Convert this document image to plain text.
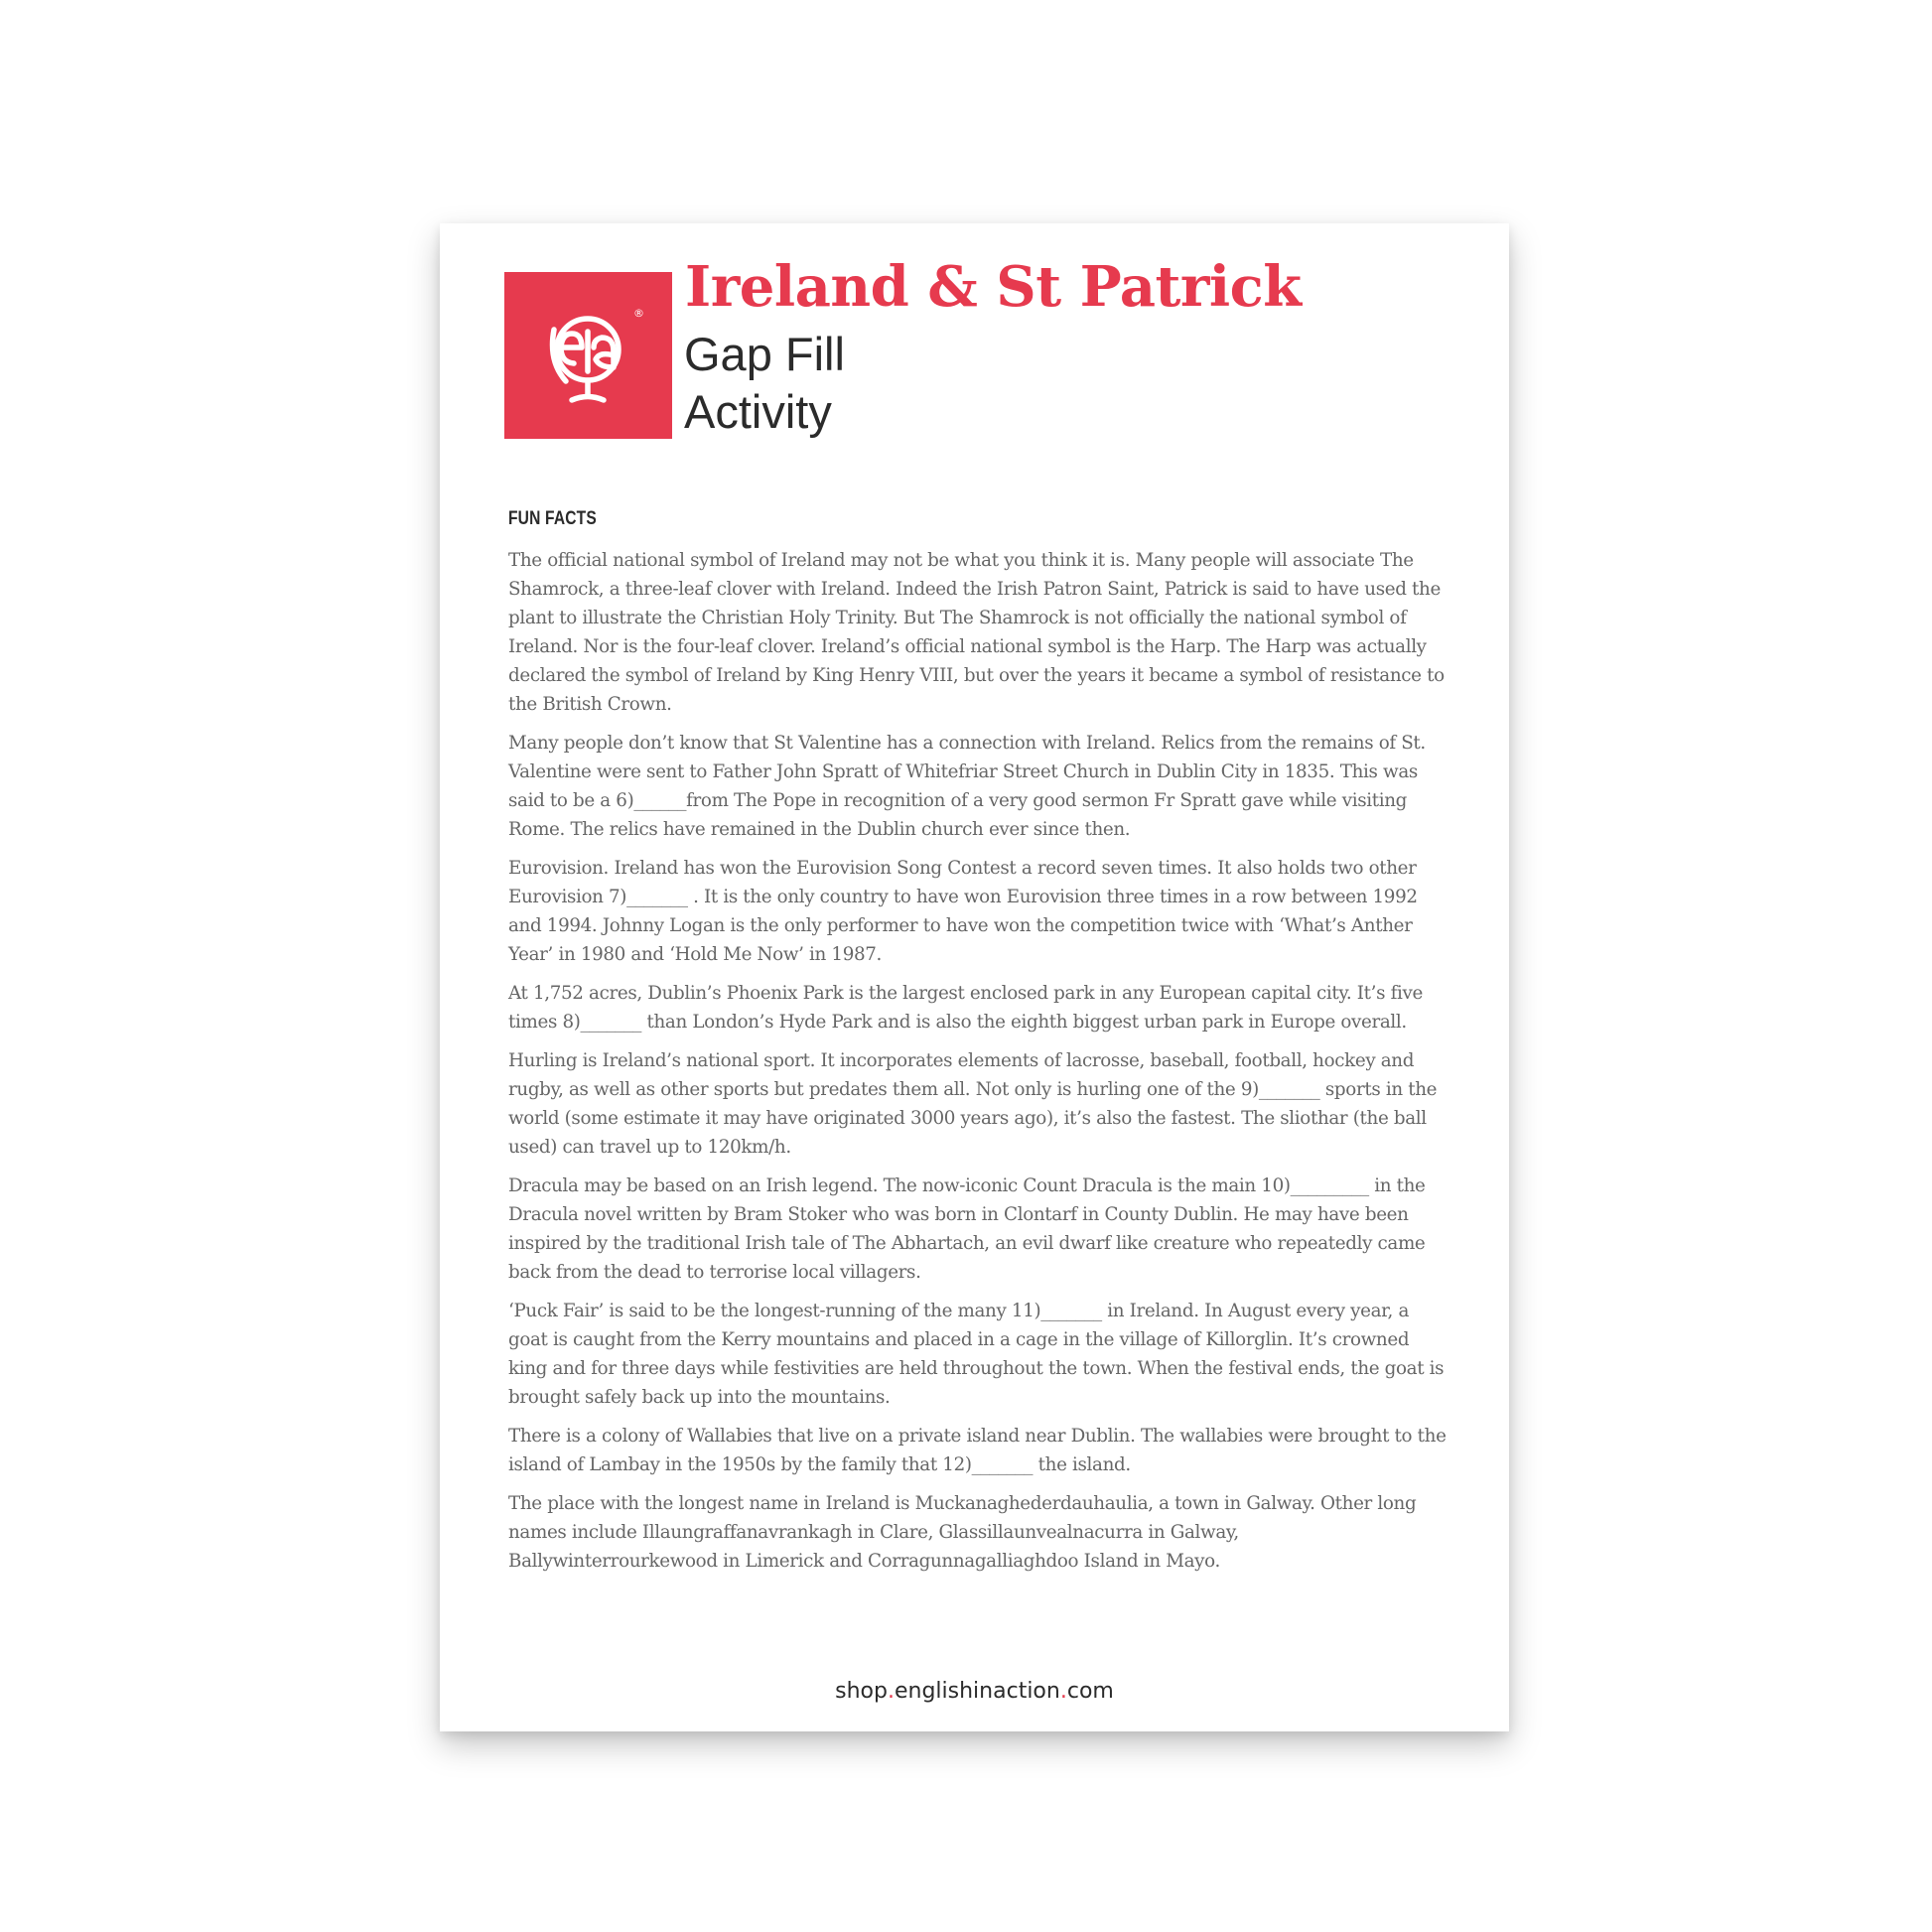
® Ireland & St Patrick
Gap Fill
Activity
FUN FACTS

The official national symbol of Ireland may not be what you think it is. Many people will associate The Shamrock, a three-leaf clover with Ireland. Indeed the Irish Patron Saint, Patrick is said to have used the plant to illustrate the Christian Holy Trinity. But The Shamrock is not officially the national symbol of Ireland. Nor is the four-leaf clover. Ireland’s official national symbol is the Harp. The Harp was actually declared the symbol of Ireland by King Henry VIII, but over the years it became a symbol of resistance to the British Crown.

Many people don’t know that St Valentine has a connection with Ireland. Relics from the remains of St. Valentine were sent to Father John Spratt of Whitefriar Street Church in Dublin City in 1835. This was said to be a 6)______from The Pope in recognition of a very good sermon Fr Spratt gave while visiting Rome. The relics have remained in the Dublin church ever since then.

Eurovision. Ireland has won the Eurovision Song Contest a record seven times. It also holds two other Eurovision 7)_______ . It is the only country to have won Eurovision three times in a row between 1992 and 1994. Johnny Logan is the only performer to have won the competition twice with ‘What’s Anther Year’ in 1980 and ‘Hold Me Now’ in 1987.

At 1,752 acres, Dublin’s Phoenix Park is the largest enclosed park in any European capital city. It’s five times 8)_______ than London’s Hyde Park and is also the eighth biggest urban park in Europe overall.

Hurling is Ireland’s national sport. It incorporates elements of lacrosse, baseball, football, hockey and rugby, as well as other sports but predates them all. Not only is hurling one of the 9)_______ sports in the world (some estimate it may have originated 3000 years ago), it’s also the fastest. The sliothar (the ball used) can travel up to 120km/h.

Dracula may be based on an Irish legend. The now-iconic Count Dracula is the main 10)_________ in the Dracula novel written by Bram Stoker who was born in Clontarf in County Dublin. He may have been inspired by the traditional Irish tale of The Abhartach, an evil dwarf like creature who repeatedly came back from the dead to terrorise local villagers.

‘Puck Fair’ is said to be the longest-running of the many 11)_______ in Ireland. In August every year, a goat is caught from the Kerry mountains and placed in a cage in the village of Killorglin. It’s crowned king and for three days while festivities are held throughout the town. When the festival ends, the goat is brought safely back up into the mountains.

There is a colony of Wallabies that live on a private island near Dublin. The wallabies were brought to the island of Lambay in the 1950s by the family that 12)_______ the island.

The place with the longest name in Ireland is Muckanaghederdauhaulia, a town in Galway. Other long names include Illaungraffanavrankagh in Clare, Glassillaunvealnacurra in Galway, Ballywinterrourkewood in Limerick and Corragunnagalliaghdoo Island in Mayo.

shop.englishinaction.com
